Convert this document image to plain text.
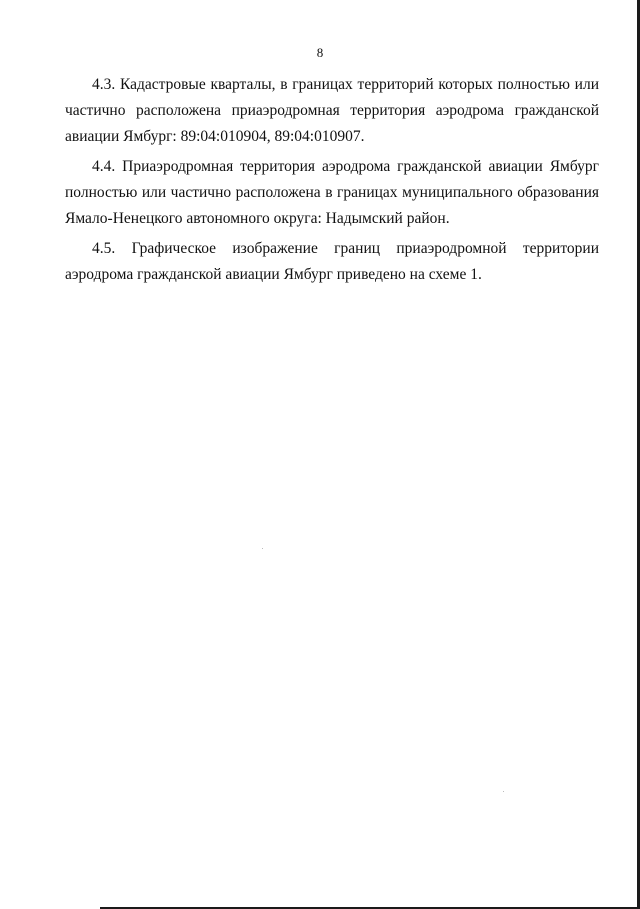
8

4.3. Кадастровые кварталы, в границах территорий которых полностью или частично расположена приаэродромная территория аэродрома гражданской авиации Ямбург: 89:04:010904, 89:04:010907.

4.4. Приаэродромная территория аэродрома гражданской авиации Ямбург полностью или частично расположена в границах муниципального образования Ямало-Ненецкого автономного округа: Надымский район.

4.5. Графическое изображение границ приаэродромной территории аэродрома гражданской авиации Ямбург приведено на схеме 1.
